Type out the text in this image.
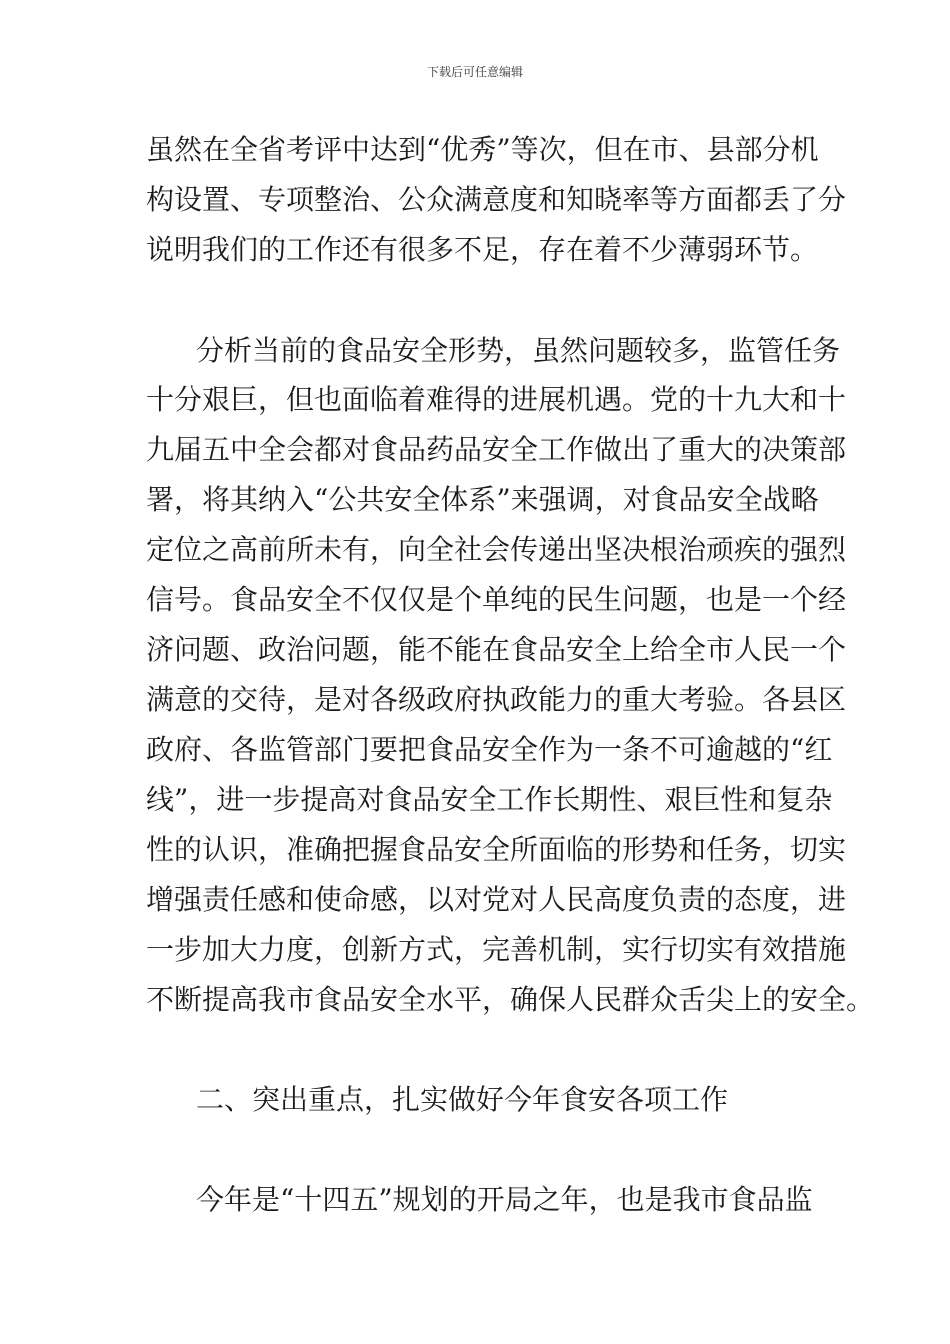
下载后可任意编辑
虽然在全省考评中达到“优秀”等次，但在市、县部分机
构设置、专项整治、公众满意度和知晓率等方面都丢了分
说明我们的工作还有很多不足，存在着不少薄弱环节。
分析当前的食品安全形势，虽然问题较多，监管任务
十分艰巨，但也面临着难得的进展机遇。党的十九大和十
九届五中全会都对食品药品安全工作做出了重大的决策部
署，将其纳入“公共安全体系”来强调，对食品安全战略
定位之高前所未有，向全社会传递出坚决根治顽疾的强烈
信号。食品安全不仅仅是个单纯的民生问题，也是一个经
济问题、政治问题，能不能在食品安全上给全市人民一个
满意的交待，是对各级政府执政能力的重大考验。各县区
政府、各监管部门要把食品安全作为一条不可逾越的“红
线”，进一步提高对食品安全工作长期性、艰巨性和复杂
性的认识，准确把握食品安全所面临的形势和任务，切实
增强责任感和使命感，以对党对人民高度负责的态度，进
一步加大力度，创新方式，完善机制，实行切实有效措施
不断提高我市食品安全水平，确保人民群众舌尖上的安全。
二、突出重点，扎实做好今年食安各项工作
今年是“十四五”规划的开局之年，也是我市食品监
